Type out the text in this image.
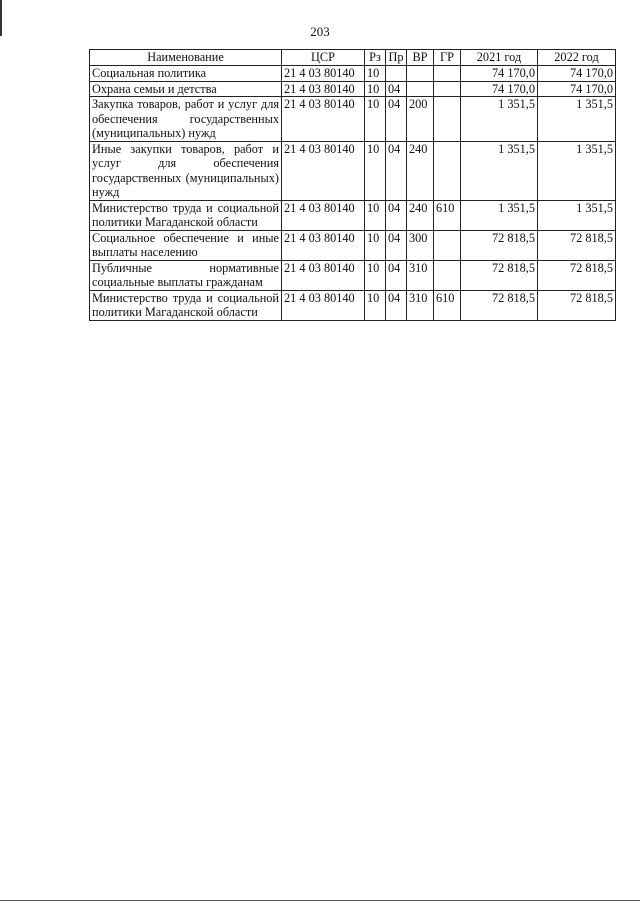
203
Наименование	ЦСР	Рз	Пр	ВР	ГР	2021 год	2022 год
Социальная политика	21 4 03 80140	10				74 170,0	74 170,0
Охрана семьи и детства	21 4 03 80140	10	04			74 170,0	74 170,0
Закупка товаров, работ и услуг для обеспечения государственных (муниципальных) нужд	21 4 03 80140	10	04	200		1 351,5	1 351,5
Иные закупки товаров, работ и услуг для обеспечения государственных (муниципальных) нужд	21 4 03 80140	10	04	240		1 351,5	1 351,5
Министерство труда и социальной политики Магаданской области	21 4 03 80140	10	04	240	610	1 351,5	1 351,5
Социальное обеспечение и иные выплаты населению	21 4 03 80140	10	04	300		72 818,5	72 818,5
Публичные нормативные социальные выплаты гражданам	21 4 03 80140	10	04	310		72 818,5	72 818,5
Министерство труда и социальной политики Магаданской области	21 4 03 80140	10	04	310	610	72 818,5	72 818,5
